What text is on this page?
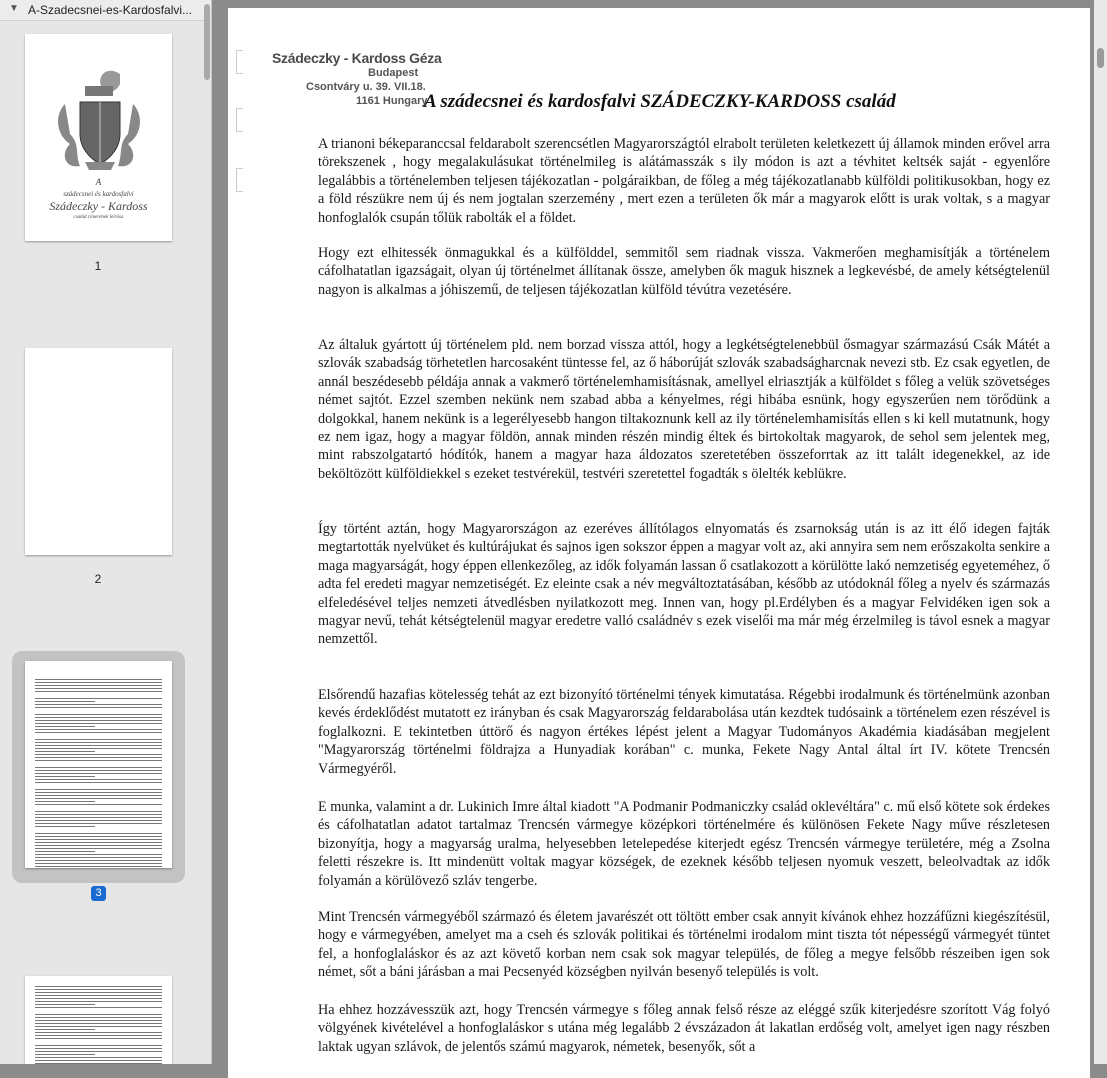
▼ A-Szadecsnei-es-Kardosfalvi...
A
szádecsnei és kardosfalvi
Szádeczky - Kardoss
család címerének leírása
1
2
3
Szádeczky - Kardoss Géza
Budapest
Csontváry u. 39. VII.18.
1161 Hungary
A szádecsnei és kardosfalvi SZÁDECZKY-KARDOSS család
A trianoni békeparanccsal feldarabolt szerencsétlen Magyarországtól elrabolt területen keletkezett új államok minden erővel arra törekszenek , hogy megalakulásukat történelmileg is alátámasszák s ily módon is azt a tévhitet keltsék saját - egyenlőre legalábbis a történelemben teljesen tájékozatlan - polgáraikban, de főleg a még tájékozatlanabb külföldi politikusokban, hogy ez a föld részükre nem új és nem jogtalan szerzemény , mert ezen a területen ők már a magyarok előtt is urak voltak, s a magyar honfoglalók csupán tőlük rabolták el a földet.
Hogy ezt elhitessék önmagukkal és a külfölddel, semmitől sem riadnak vissza. Vakmerően meghamisítják a történelem cáfolhatatlan igazságait, olyan új történelmet állítanak össze, amelyben ők maguk hisznek a legkevésbé, de amely kétségtelenül nagyon is alkalmas a jóhiszemű, de teljesen tájékozatlan külföld tévútra vezetésére.
Az általuk gyártott új történelem pld. nem borzad vissza attól, hogy a legkétségtelenebbül ősmagyar származású Csák Mátét a szlovák szabadság törhetetlen harcosaként tüntesse fel, az ő háborúját szlovák szabadságharcnak nevezi stb. Ez csak egyetlen, de annál beszédesebb példája annak a vakmerő történelemhamisításnak, amellyel elriasztják a külföldet s főleg a velük szövetséges német sajtót. Ezzel szemben nekünk nem szabad abba a kényelmes, régi hibába esnünk, hogy egyszerűen nem törődünk a dolgokkal, hanem nekünk is a legerélyesebb hangon tiltakoznunk kell az ily történelemhamisítás ellen s ki kell mutatnunk, hogy ez nem igaz, hogy a magyar földön, annak minden részén mindig éltek és birtokoltak magyarok, de sehol sem jelentek meg, mint rabszolgatartó hódítók, hanem a magyar haza áldozatos szeretetében összeforrtak az itt talált idegenekkel, az ide beköltözött külföldiekkel s ezeket testvérekül, testvéri szeretettel fogadták s ölelték keblükre.
Így történt aztán, hogy Magyarországon az ezeréves állítólagos elnyomatás és zsarnokság után is az itt élő idegen fajták megtartották nyelvüket és kultúrájukat és sajnos igen sokszor éppen a magyar volt az, aki annyira sem nem erőszakolta senkire a maga magyarságát, hogy éppen ellenkezőleg, az idők folyamán lassan ő csatlakozott a körülötte lakó nemzetiség egyeteméhez, ő adta fel eredeti magyar nemzetiségét. Ez eleinte csak a név megváltoztatásában, később az utódoknál főleg a nyelv és származás elfeledésével teljes nemzeti átvedlésben nyilatkozott meg. Innen van, hogy pl.Erdélyben és a magyar Felvidéken igen sok a magyar nevű, tehát kétségtelenül magyar eredetre valló családnév s ezek viselői ma már még érzelmileg is távol esnek a magyar nemzettől.
Elsőrendű hazafias kötelesség tehát az ezt bizonyító történelmi tények kimutatása. Régebbi irodalmunk és történelmünk azonban kevés érdeklődést mutatott ez irányban és csak Magyarország feldarabolása után kezdtek tudósaink a történelem ezen részével is foglalkozni. E tekintetben úttörő és nagyon értékes lépést jelent a Magyar Tudományos Akadémia kiadásában megjelent "Magyarország történelmi földrajza a Hunyadiak korában" c. munka, Fekete Nagy Antal által írt IV. kötete Trencsén Vármegyéről.
E munka, valamint a dr. Lukinich Imre által kiadott "A Podmanir Podmaniczky család oklevéltára" c. mű első kötete sok érdekes és cáfolhatatlan adatot tartalmaz Trencsén vármegye középkori történelmére és különösen Fekete Nagy műve részletesen bizonyítja, hogy a magyarság uralma, helyesebben letelepedése kiterjedt egész Trencsén vármegye területére, még a Zsolna feletti részekre is. Itt mindenütt voltak magyar községek, de ezeknek később teljesen nyomuk veszett, beleolvadtak az idők folyamán a körülövező szláv tengerbe.
Mint Trencsén vármegyéből származó és életem javarészét ott töltött ember csak annyit kívánok ehhez hozzáfűzni kiegészítésül, hogy e vármegyében, amelyet ma a cseh és szlovák politikai és történelmi irodalom mint tiszta tót népességű vármegyét tüntet fel, a honfoglaláskor és az azt követő korban nem csak sok magyar település, de főleg a megye felsőbb részeiben igen sok német, sőt a báni járásban a mai Pecsenyéd községben nyilván besenyő település is volt.
Ha ehhez hozzávesszük azt, hogy Trencsén vármegye s főleg annak felső része az eléggé szűk kiterjedésre szorított Vág folyó völgyének kivételével a honfoglaláskor s utána még legalább 2 évszázadon át lakatlan erdőség volt, amelyet igen nagy részben laktak ugyan szlávok, de jelentős számú magyarok, németek, besenyők, sőt a
